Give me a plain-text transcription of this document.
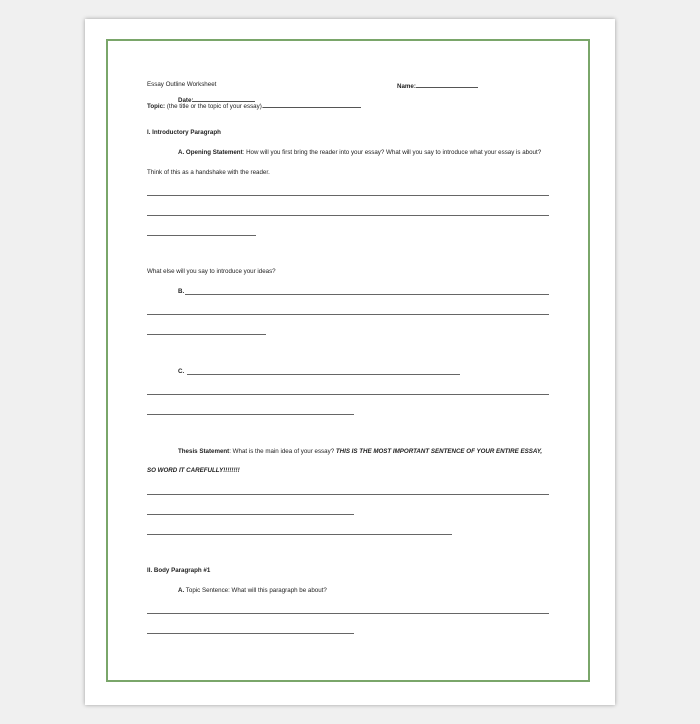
Essay Outline Worksheet	Name:
Date:
Topic: (the title or the topic of your essay).
I. Introductory Paragraph
A. Opening Statement: How will you first bring the reader into your essay? What will you say to introduce what your essay is about?
Think of this as a handshake with the reader.
What else will you say to introduce your ideas?
B.
C.
Thesis Statement: What is the main idea of your essay? THIS IS THE MOST IMPORTANT SENTENCE OF YOUR ENTIRE ESSAY,
SO WORD IT CAREFULLY!!!!!!!!
II. Body Paragraph #1
A. Topic Sentence: What will this paragraph be about?
